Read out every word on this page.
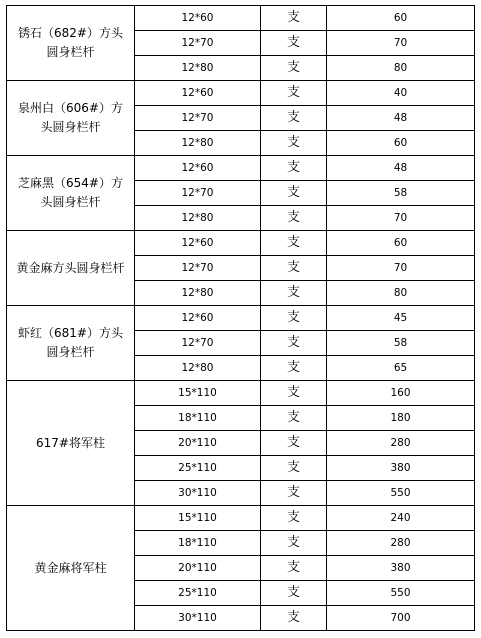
锈石（682#）方头圆身栏杆	12*60	支	60
	12*70	支	70
	12*80	支	80
泉州白（606#）方头圆身栏杆	12*60	支	40
	12*70	支	48
	12*80	支	60
芝麻黑（654#）方头圆身栏杆	12*60	支	48
	12*70	支	58
	12*80	支	70
黄金麻方头圆身栏杆	12*60	支	60
	12*70	支	70
	12*80	支	80
虾红（681#）方头圆身栏杆	12*60	支	45
	12*70	支	58
	12*80	支	65
617#将军柱	15*110	支	160
	18*110	支	180
	20*110	支	280
	25*110	支	380
	30*110	支	550
黄金麻将军柱	15*110	支	240
	18*110	支	280
	20*110	支	380
	25*110	支	550
	30*110	支	700
